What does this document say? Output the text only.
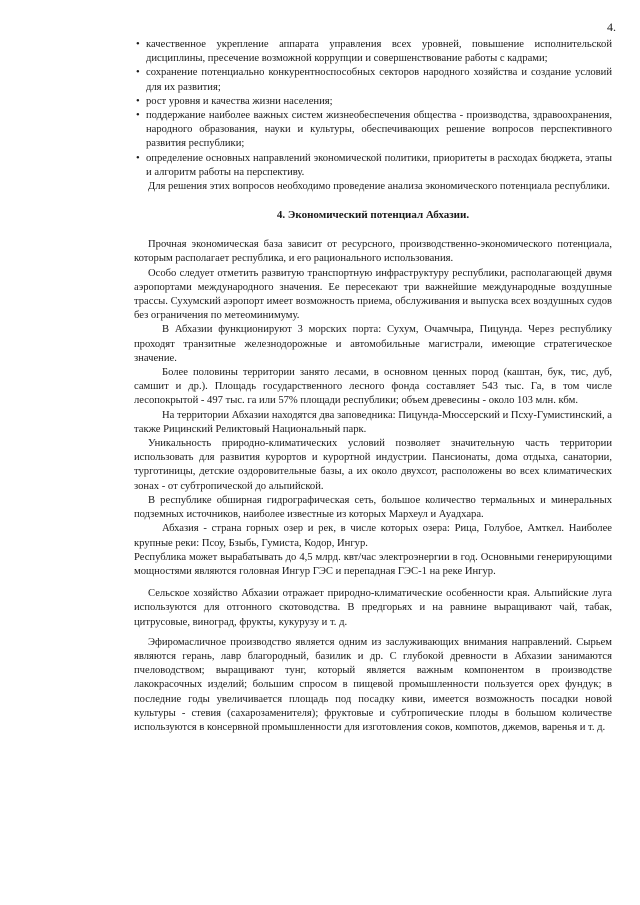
4.
• качественное укрепление аппарата управления всех уровней, повышение исполнительской дисциплины, пресечение возможной коррупции и совершенствование работы с кадрами;
• сохранение потенциально конкурентноспособных секторов народного хозяйства и создание условий для их развития;
• рост уровня и качества жизни населения;
• поддержание наиболее важных систем жизнеобеспечения общества - производства, здравоохранения, народного образования, науки и культуры, обеспечивающих решение вопросов перспективного развития республики;
• определение основных направлений экономической политики, приоритеты в расходах бюджета, этапы и алгоритм работы на перспективу.

Для решения этих вопросов необходимо проведение анализа экономического потенциала республики.

4. Экономический потенциал Абхазии.

Прочная экономическая база зависит от ресурсного, производственно-экономического потенциала, которым располагает республика, и его рационального использования.

Особо следует отметить развитую транспортную инфраструктуру республики, располагающей двумя аэропортами международного значения. Ее пересекают три важнейшие международные воздушные трассы. Сухумский аэропорт имеет возможность приема, обслуживания и выпуска всех воздушных судов без ограничения по метеоминимуму.

В Абхазии функционируют 3 морских порта: Сухум, Очамчыра, Пицунда. Через республику проходят транзитные железнодорожные и автомобильные магистрали, имеющие стратегическое значение.

Более половины территории занято лесами, в основном ценных пород (каштан, бук, тис, дуб, самшит и др.). Площадь государственного лесного фонда составляет 543 тыс. Га, в том числе лесопокрытой - 497 тыс. га или 57% площади республики; объем древесины - около 103 млн. кбм.

На территории Абхазии находятся два заповедника: Пицунда-Мюссерский и Псху-Гумистинский, а также Рицинский Реликтовый Национальный парк.

Уникальность природно-климатических условий позволяет значительную часть территории использовать для развития курортов и курортной индустрии. Пансионаты, дома отдыха, санатории, турготиницы, детские оздоровительные базы, а их около двухсот, расположены во всех климатических зонах - от субтропической до альпийской.

В республике обширная гидрографическая сеть, большое количество термальных и минеральных подземных источников, наиболее известные из которых Мархеул и Ауадхара.

Абхазия - страна горных озер и рек, в числе которых озера: Рица, Голубое, Амткел. Наиболее крупные реки: Псоу, Бзыбь, Гумиста, Кодор, Ингур.

Республика может вырабатывать до 4,5 млрд. квт/час электроэнергии в год. Основными генерирующими мощностями являются головная Ингур ГЭС и перепадная ГЭС-1 на реке Ингур.

Сельское хозяйство Абхазии отражает природно-климатические особенности края. Альпийские луга используются для отгонного скотоводства. В предгорьях и на равнине выращивают чай, табак, цитрусовые, виноград, фрукты, кукурузу и т. д.

Эфиромасличное производство является одним из заслуживающих внимания направлений. Сырьем являются герань, лавр благородный, базилик и др. С глубокой древности в Абхазии занимаются пчеловодством; выращивают тунг, который является важным компонентом в производстве лакокрасочных изделий; большим спросом в пищевой промышленности пользуется орех фундук; в последние годы увеличивается площадь под посадку киви, имеется возможность посадки новой культуры - стевия (сахарозаменителя); фруктовые и субтропические плоды в большом количестве используются в консервной промышленности для изготовления соков, компотов, джемов, варенья и т. д.
